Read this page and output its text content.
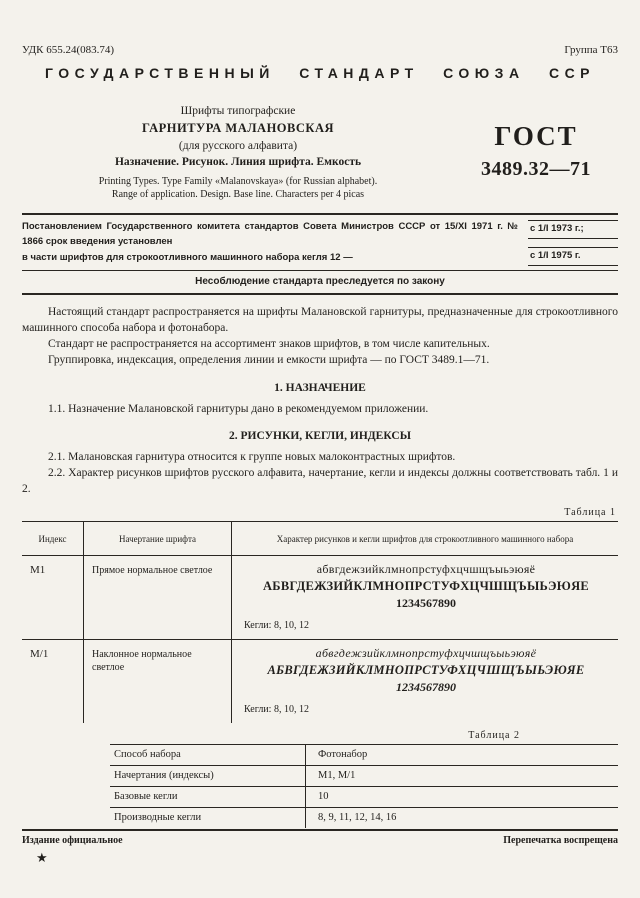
УДК 655.24(083.74)	Группа Т63
ГОСУДАРСТВЕННЫЙ СТАНДАРТ СОЮЗА ССР
Шрифты типографские
ГАРНИТУРА МАЛАНОВСКАЯ
(для русского алфавита)
Назначение. Рисунок. Линия шрифта. Емкость
Printing Types. Type Family «Malanovskaya» (for Russian alphabet).
Range of application. Design. Base line. Characters per 4 picas
ГОСТ
3489.32—71
Постановлением Государственного комитета стандартов Совета Министров СССР от 15/XI 1971 г. № 1866 срок введения установлен
в части шрифтов для строкоотливного машинного набора кегля 12 —
с 1/I 1973 г.;
с 1/I 1975 г.
Несоблюдение стандарта преследуется по закону

Настоящий стандарт распространяется на шрифты Малановской гарнитуры, предназначенные для строкоотливного машинного способа набора и фотонабора.

Стандарт не распространяется на ассортимент знаков шрифтов, в том числе капительных.

Группировка, индексация, определения линии и емкости шрифта — по ГОСТ 3489.1—71.

1. НАЗНАЧЕНИЕ

1.1. Назначение Малановской гарнитуры дано в рекомендуемом приложении.

2. РИСУНКИ, КЕГЛИ, ИНДЕКСЫ

2.1. Малановская гарнитура относится к группе новых малоконтрастных шрифтов.

2.2. Характер рисунков шрифтов русского алфавита, начертание, кегли и индексы должны соответствовать табл. 1 и 2.

Таблица 1
Индекс	Начертание шрифта	Характер рисунков и кегли шрифтов для строкоотливного машинного набора
М1	Прямое нормальное светлое	абвгдежзийклмнопрстуфхцчшщъыьэюяё
АБВГДЕЖЗИЙКЛМНОПРСТУФХЦЧШЩЪЫЬЭЮЯЕ
1234567890
Кегли: 8, 10, 12
М/1	Наклонное нормальное светлое
абвгдежзийклмнопрстуфхцчшщъыьэюяё
АБВГДЕЖЗИЙКЛМНОПРСТУФХЦЧШЩЪЫЬЭЮЯЕ
1234567890
Кегли: 8, 10, 12
Таблица 2
Способ набора	Фотонабор
Начертания (индексы)	М1, М/1
Базовые кегли	10
Производные кегли	8, 9, 11, 12, 14, 16
Издание официальное	Перепечатка воспрещена
★
